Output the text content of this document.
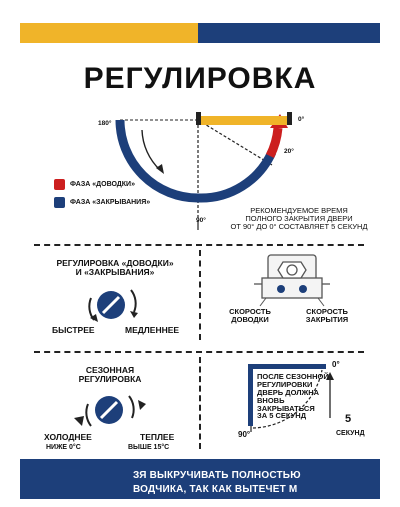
РЕГУЛИРОВКА
180°
0°
20°
90°
ФАЗА «ДОВОДКИ»
ФАЗА «ЗАКРЫВАНИЯ»
РЕКОМЕНДУЕМОЕ ВРЕМЯ
ПОЛНОГО ЗАКРЫТИЯ ДВЕРИ
ОТ 90° ДО 0° СОСТАВЛЯЕТ 5 СЕКУНД
РЕГУЛИРОВКА «ДОВОДКИ»
И «ЗАКРЫВАНИЯ»
БЫСТРЕЕ	МЕДЛЕННЕЕ
СКОРОСТЬ
ДОВОДКИ
СКОРОСТЬ
ЗАКРЫТИЯ
СЕЗОННАЯ
РЕГУЛИРОВКА
ХОЛОДНЕЕ
НИЖЕ 0°С
ТЕПЛЕЕ
ВЫШЕ 15°С
ПОСЛЕ СЕЗОННОЙ
РЕГУЛИРОВКИ
ДВЕРЬ ДОЛЖНА
ВНОВЬ
ЗАКРЫВАТЬСЯ
ЗА 5 СЕКУНД
0°
90°
5
СЕКУНД
ЗЯ ВЫКРУЧИВАТЬ ПОЛНОСТЬЮ
ВОДЧИКА, ТАК КАК ВЫТЕЧЕТ М
